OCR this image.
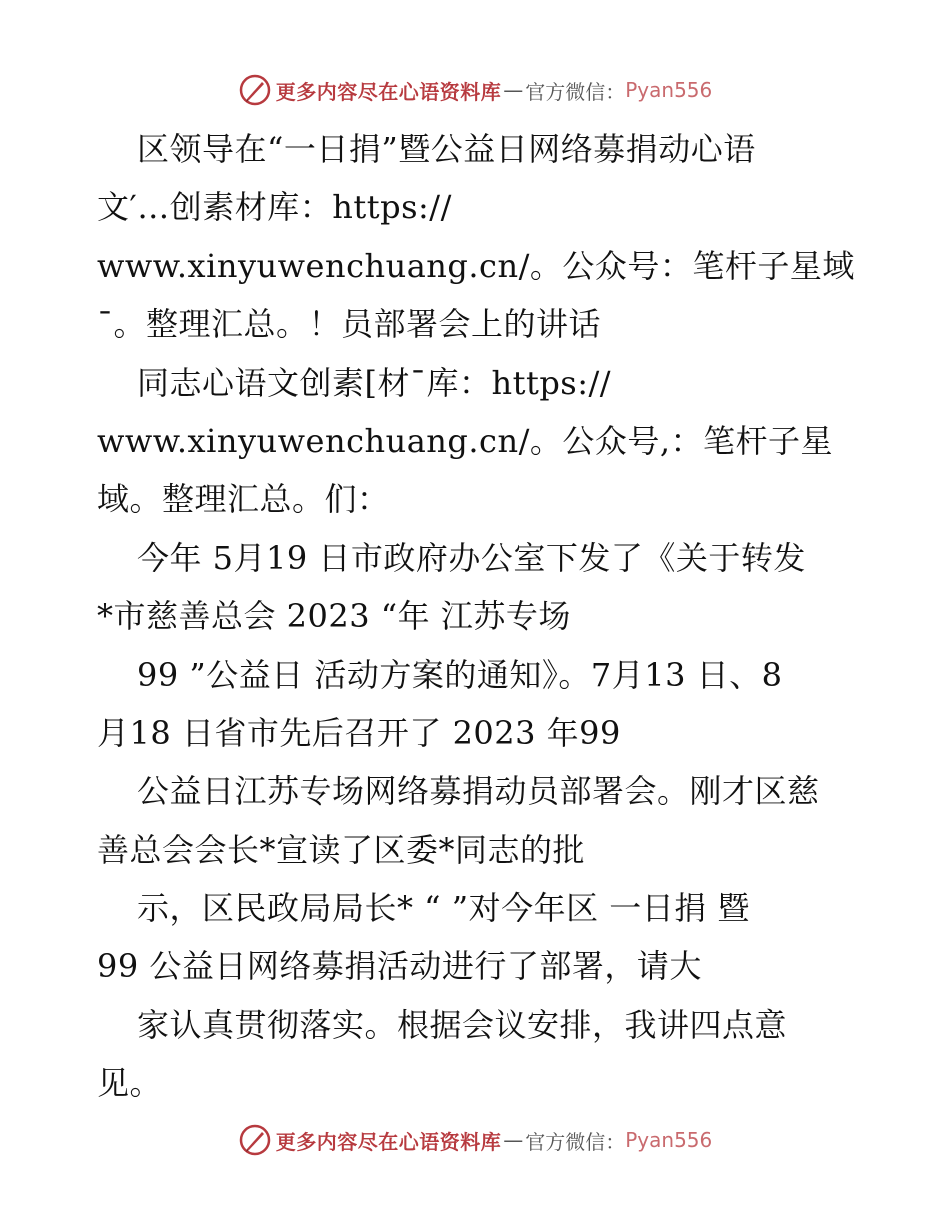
更多内容尽在心语资料库 — 官方微信： Pyan556
区领导在“一日捐”暨公益日网络募捐动心语
文′…创素材库：https://
www.xinyuwenchuang.cn/。公众号：笔杆子星域
¯。整理汇总。！员部署会上的讲话
同志心语文创素[材¯库：https://
www.xinyuwenchuang.cn/。公众号,：笔杆子星
域。整理汇总。们：
今年 5月19 日市政府办公室下发了《关于转发
*市慈善总会 2023 “年 江苏专场
99 ”公益日 活动方案的通知》。7月13 日、8
月18 日省市先后召开了 2023 年99
公益日江苏专场网络募捐动员部署会。刚才区慈
善总会会长*宣读了区委*同志的批
示，区民政局局长* “ ”对今年区 一日捐 暨
99 公益日网络募捐活动进行了部署，请大
家认真贯彻落实。根据会议安排，我讲四点意
见。
更多内容尽在心语资料库 — 官方微信： Pyan556
